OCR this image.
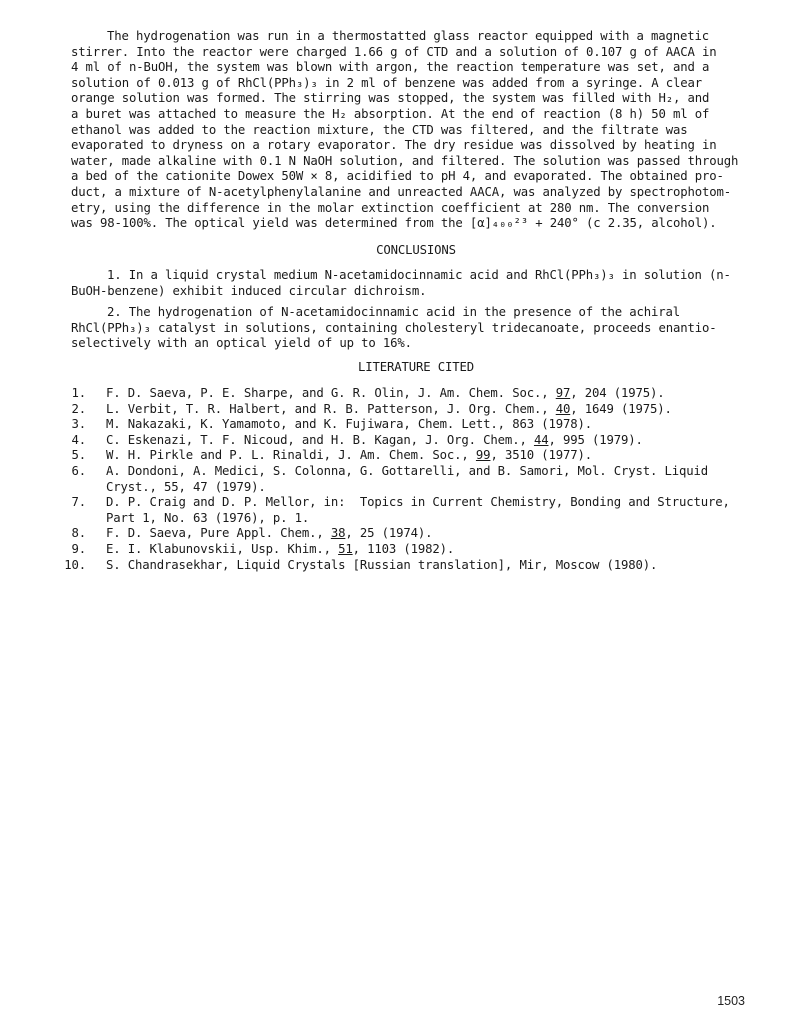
The hydrogenation was run in a thermostatted glass reactor equipped with a magnetic
stirrer. Into the reactor were charged 1.66 g of CTD and a solution of 0.107 g of AACA in
4 ml of n-BuOH, the system was blown with argon, the reaction temperature was set, and a
solution of 0.013 g of RhCl(PPh₃)₃ in 2 ml of benzene was added from a syringe. A clear
orange solution was formed. The stirring was stopped, the system was filled with H₂, and
a buret was attached to measure the H₂ absorption. At the end of reaction (8 h) 50 ml of
ethanol was added to the reaction mixture, the CTD was filtered, and the filtrate was
evaporated to dryness on a rotary evaporator. The dry residue was dissolved by heating in
water, made alkaline with 0.1 N NaOH solution, and filtered. The solution was passed through
a bed of the cationite Dowex 50W × 8, acidified to pH 4, and evaporated. The obtained pro-
duct, a mixture of N-acetylphenylalanine and unreacted AACA, was analyzed by spectrophotom-
etry, using the difference in the molar extinction coefficient at 280 nm. The conversion
was 98-100%. The optical yield was determined from the [α]₄₀₀²³ + 240° (c 2.35, alcohol).

CONCLUSIONS

1. In a liquid crystal medium N-acetamidocinnamic acid and RhCl(PPh₃)₃ in solution (n-
BuOH-benzene) exhibit induced circular dichroism.

2. The hydrogenation of N-acetamidocinnamic acid in the presence of the achiral
RhCl(PPh₃)₃ catalyst in solutions, containing cholesteryl tridecanoate, proceeds enantio-
selectively with an optical yield of up to 16%.

LITERATURE CITED
1.	F. D. Saeva, P. E. Sharpe, and G. R. Olin, J. Am. Chem. Soc., 97, 204 (1975).
2.	L. Verbit, T. R. Halbert, and R. B. Patterson, J. Org. Chem., 40, 1649 (1975).
3.	M. Nakazaki, K. Yamamoto, and K. Fujiwara, Chem. Lett., 863 (1978).
4.	C. Eskenazi, T. F. Nicoud, and H. B. Kagan, J. Org. Chem., 44, 995 (1979).
5.	W. H. Pirkle and P. L. Rinaldi, J. Am. Chem. Soc., 99, 3510 (1977).
6.	A. Dondoni, A. Medici, S. Colonna, G. Gottarelli, and B. Samori, Mol. Cryst. Liquid
Cryst., 55, 47 (1979).
7.	D. P. Craig and D. P. Mellor, in:  Topics in Current Chemistry, Bonding and Structure,
Part 1, No. 63 (1976), p. 1.
8.	F. D. Saeva, Pure Appl. Chem., 38, 25 (1974).
9.	E. I. Klabunovskii, Usp. Khim., 51, 1103 (1982).
10.	S. Chandrasekhar, Liquid Crystals [Russian translation], Mir, Moscow (1980).
1503
